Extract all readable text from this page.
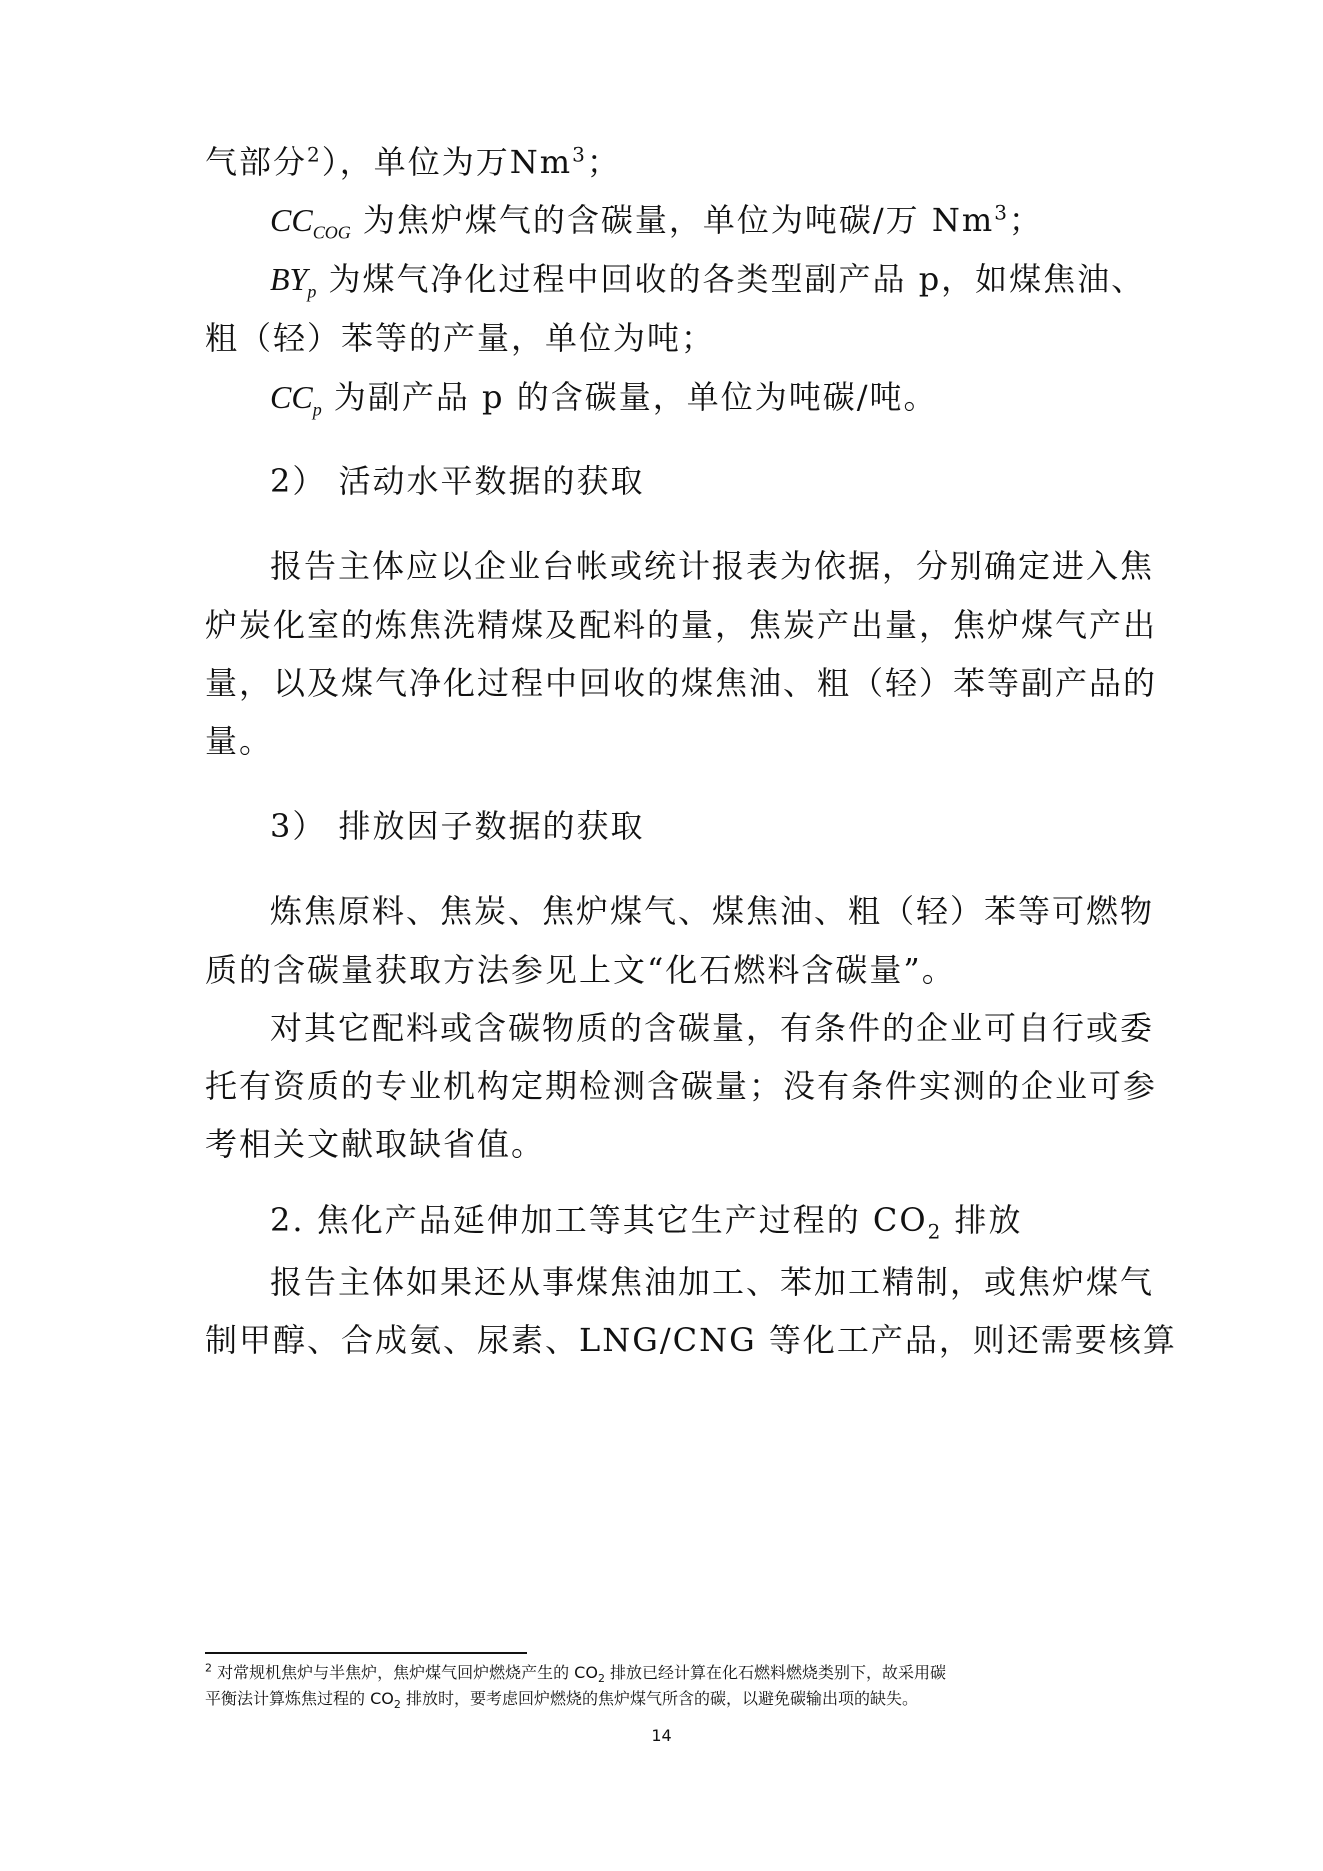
气部分$^2$），单位为万Nm$^3$；
$CC_{COG}$ 为焦炉煤气的含碳量，单位为吨碳/万 Nm$^3$；
$BY_p$ 为煤气净化过程中回收的各类型副产品 p，如煤焦油、
粗（轻）苯等的产量，单位为吨；
$CC_p$ 为副产品 p 的含碳量，单位为吨碳/吨。
2） 活动水平数据的获取
报告主体应以企业台帐或统计报表为依据，分别确定进入焦
炉炭化室的炼焦洗精煤及配料的量，焦炭产出量，焦炉煤气产出
量，以及煤气净化过程中回收的煤焦油、粗（轻）苯等副产品的
量。
3） 排放因子数据的获取
炼焦原料、焦炭、焦炉煤气、煤焦油、粗（轻）苯等可燃物
质的含碳量获取方法参见上文“化石燃料含碳量”。
对其它配料或含碳物质的含碳量，有条件的企业可自行或委
托有资质的专业机构定期检测含碳量；没有条件实测的企业可参
考相关文献取缺省值。
2. 焦化产品延伸加工等其它生产过程的 $CO_2$ 排放
报告主体如果还从事煤焦油加工、苯加工精制，或焦炉煤气
制甲醇、合成氨、尿素、LNG/CNG 等化工产品，则还需要核算
$^2$ 对常规机焦炉与半焦炉，焦炉煤气回炉燃烧产生的 $CO_2$ 排放已经计算在化石燃料燃烧类别下，故采用碳
平衡法计算炼焦过程的 $CO_2$ 排放时，要考虑回炉燃烧的焦炉煤气所含的碳，以避免碳输出项的缺失。
14
